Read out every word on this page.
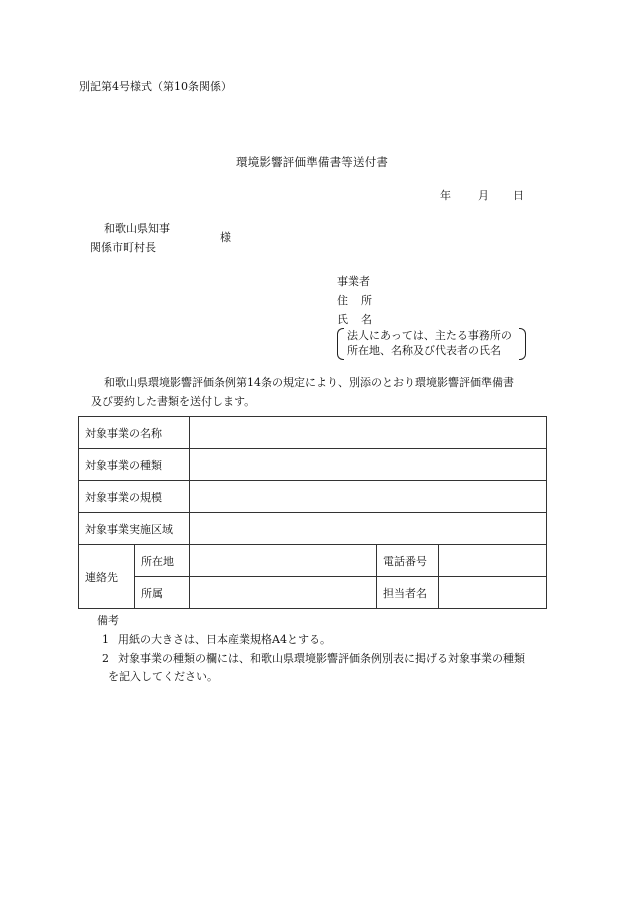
別記第4号様式（第10条関係）
環境影響評価準備書等送付書
年 月 日
和歌山県知事
関係市町村長
様
事業者
住 所
氏 名
法人にあっては、主たる事務所の
所在地、名称及び代表者の氏名
和歌山県環境影響評価条例第14条の規定により、別添のとおり環境影響評価準備書
及び要約した書類を送付します。
対象事業の名称				
対象事業の種類				
対象事業の規模				
対象事業実施区域				
連絡先	所在地		電話番号	
	所属		担当者名	
備考
1 用紙の大きさは、日本産業規格A4とする。
2 対象事業の種類の欄には、和歌山県環境影響評価条例別表に掲げる対象事業の種類
を記入してください。
